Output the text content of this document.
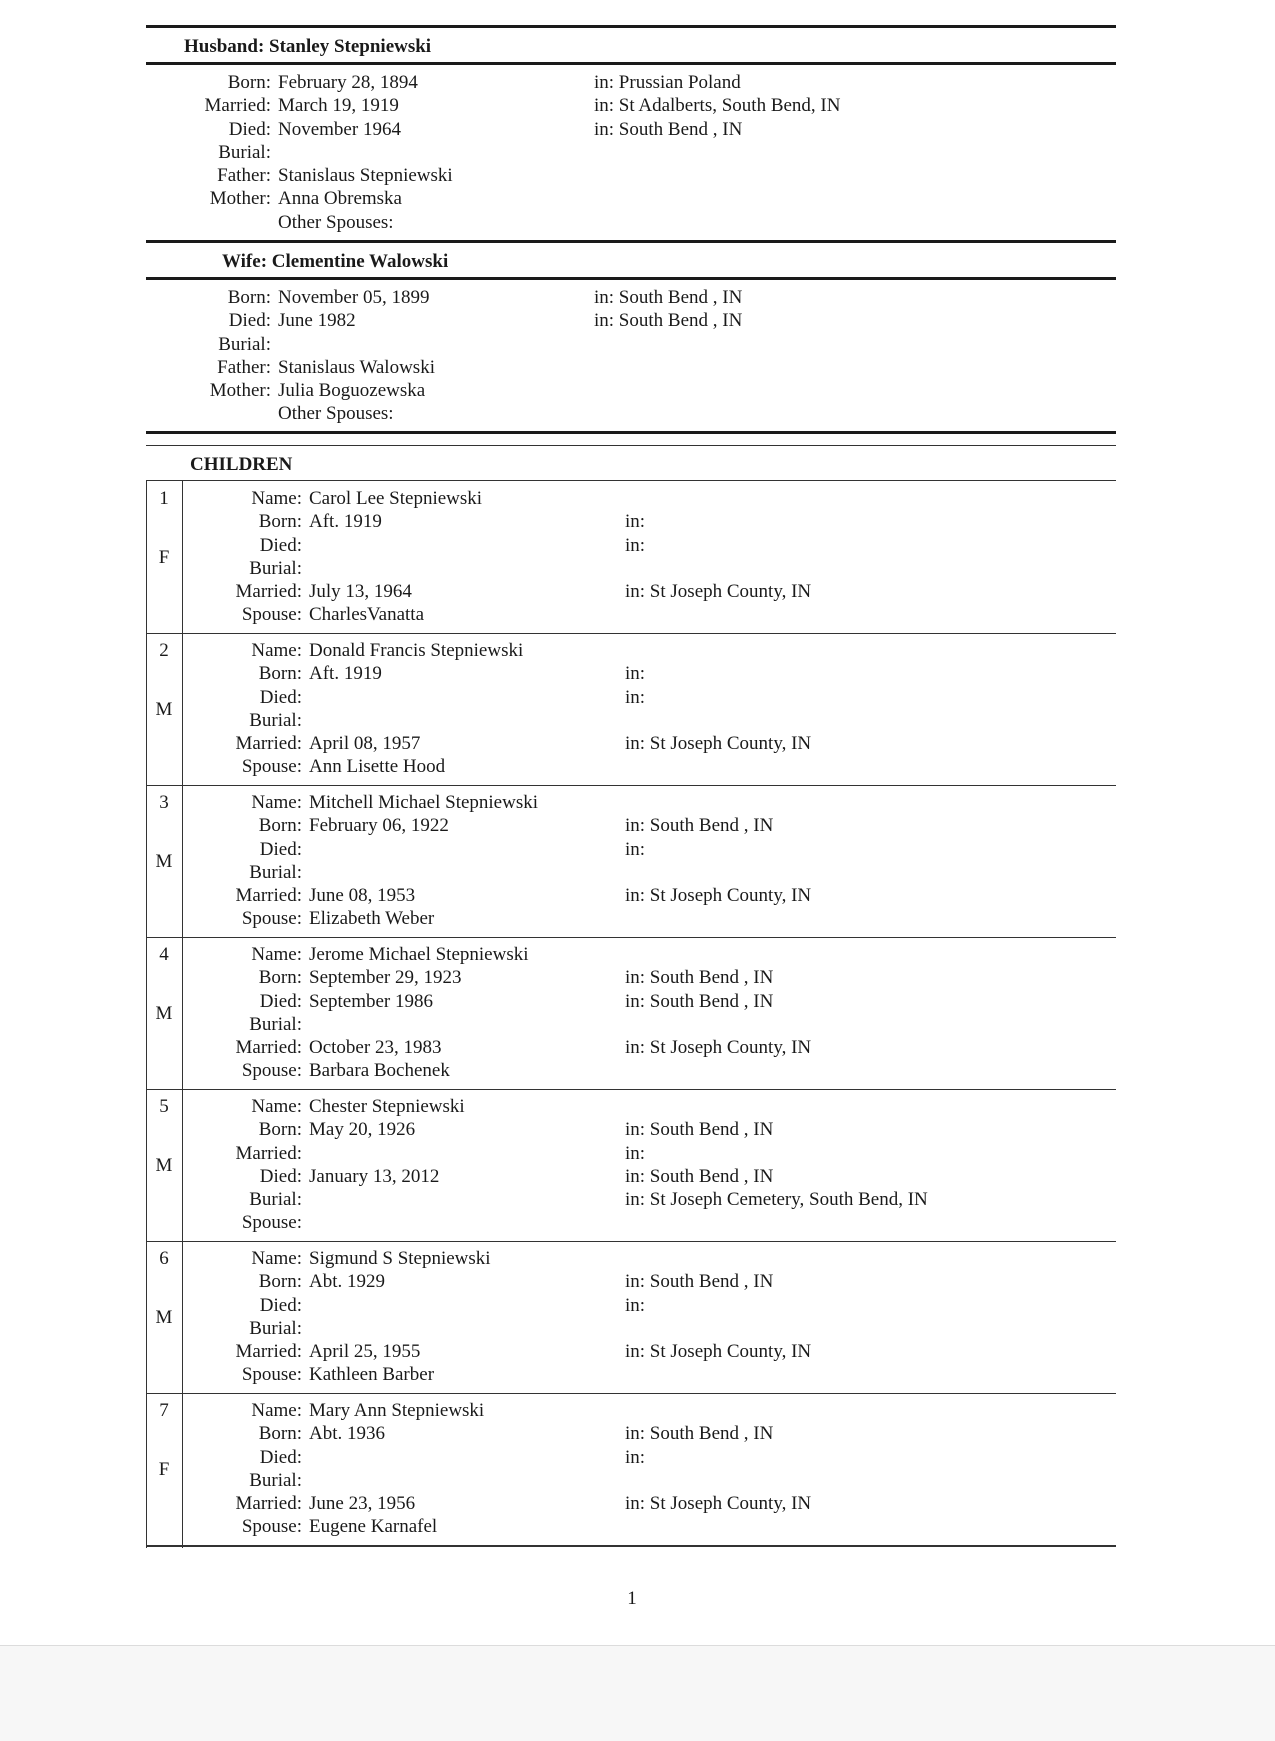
Husband: Stanley Stepniewski
Born:
Married:
Died:
Burial:
Father:
Mother:
February 28, 1894
March 19, 1919
November 1964

Stanislaus Stepniewski
Anna Obremska
Other Spouses:
in: Prussian Poland
in: St Adalberts, South Bend, IN
in: South Bend , IN
Wife: Clementine Walowski
Born:
Died:
Burial:
Father:
Mother:
November 05, 1899
June 1982

Stanislaus Walowski
Julia Boguozewska
Other Spouses:
in: South Bend , IN
in: South Bend , IN
CHILDREN
1
F
Name:
Born:
Died:
Burial:
Married:
Spouse:
Carol Lee Stepniewski
Aft. 1919

July 13, 1964
CharlesVanatta

in:
in:

in: St Joseph County, IN
2
M
Name:
Born:
Died:
Burial:
Married:
Spouse:
Donald Francis Stepniewski
Aft. 1919

April 08, 1957
Ann Lisette Hood

in:
in:

in: St Joseph County, IN
3
M
Name:
Born:
Died:
Burial:
Married:
Spouse:
Mitchell Michael Stepniewski
February 06, 1922

June 08, 1953
Elizabeth Weber

in: South Bend , IN
in:

in: St Joseph County, IN
4
M
Name:
Born:
Died:
Burial:
Married:
Spouse:
Jerome Michael Stepniewski
September 29, 1923
September 1986

October 23, 1983
Barbara Bochenek

in: South Bend , IN
in: South Bend , IN

in: St Joseph County, IN
5
M
Name:
Born:
Married:
Died:
Burial:
Spouse:
Chester Stepniewski
May 20, 1926

January 13, 2012

in: South Bend , IN
in:
in: South Bend , IN
in: St Joseph Cemetery, South Bend, IN
6
M
Name:
Born:
Died:
Burial:
Married:
Spouse:
Sigmund S Stepniewski
Abt. 1929

April 25, 1955
Kathleen Barber

in: South Bend , IN
in:

in: St Joseph County, IN
7
F
Name:
Born:
Died:
Burial:
Married:
Spouse:
Mary Ann Stepniewski
Abt. 1936

June 23, 1956
Eugene Karnafel

in: South Bend , IN
in:

in: St Joseph County, IN
1
